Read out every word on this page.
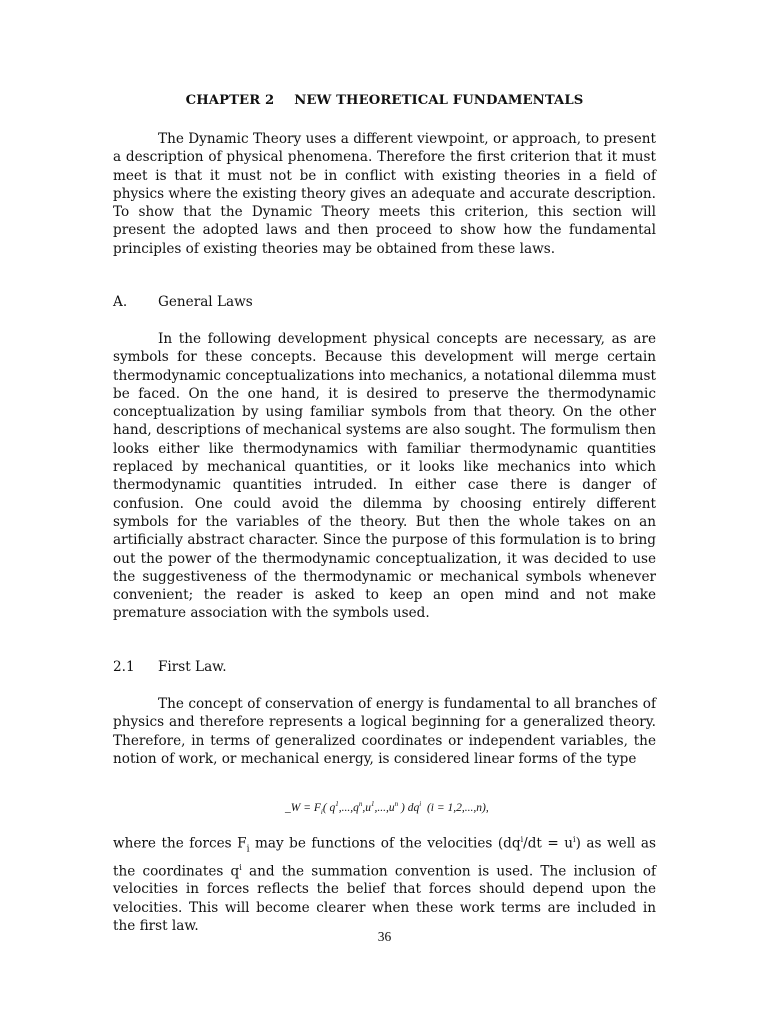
CHAPTER 2 NEW THEORETICAL FUNDAMENTALS

The Dynamic Theory uses a different viewpoint, or approach, to present a description of physical phenomena. Therefore the first criterion that it must meet is that it must not be in conflict with existing theories in a field of physics where the existing theory gives an adequate and accurate description. To show that the Dynamic Theory meets this criterion, this section will present the adopted laws and then proceed to show how the fundamental principles of existing theories may be obtained from these laws.

A. General Laws

In the following development physical concepts are necessary, as are symbols for these concepts. Because this development will merge certain thermodynamic conceptualizations into mechanics, a notational dilemma must be faced. On the one hand, it is desired to preserve the thermodynamic conceptualization by using familiar symbols from that theory. On the other hand, descriptions of mechanical systems are also sought. The formulism then looks either like thermodynamics with familiar thermodynamic quantities replaced by mechanical quantities, or it looks like mechanics into which thermodynamic quantities intruded. In either case there is danger of confusion. One could avoid the dilemma by choosing entirely different symbols for the variables of the theory. But then the whole takes on an artificially abstract character. Since the purpose of this formulation is to bring out the power of the thermodynamic conceptualization, it was decided to use the suggestiveness of the thermodynamic or mechanical symbols whenever convenient; the reader is asked to keep an open mind and not make premature association with the symbols used.

2.1 First Law.

The concept of conservation of energy is fundamental to all branches of physics and therefore represents a logical beginning for a generalized theory. Therefore, in terms of generalized coordinates or independent variables, the notion of work, or mechanical energy, is considered linear forms of the type

_W = $F_i$( $q^1,...,q^n,u^1,...,u^n$ ) $dq^i$ (i = 1,2,...,n),

where the forces $F_i$ may be functions of the velocities $(dq^i/dt = u^i)$ as well as the coordinates $q^i$ and the summation convention is used. The inclusion of velocities in forces reflects the belief that forces should depend upon the velocities. This will become clearer when these work terms are included in the first law.

36
